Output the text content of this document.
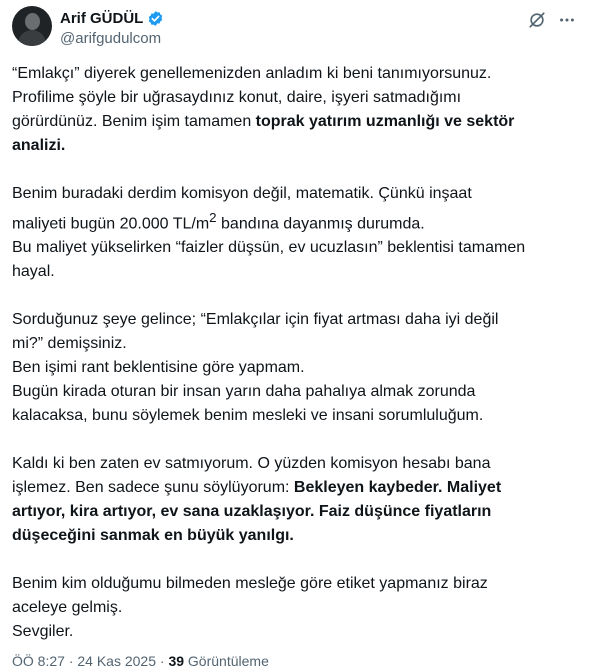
Arif GÜDÜL
@arifgudulcom

“Emlakçı” diyerek genellemenizden anladım ki beni tanımıyorsunuz.
Profilime şöyle bir uğrasaydınız konut, daire, işyeri satmadığımı
görürdünüz. Benim işim tamamen toprak yatırım uzmanlığı ve sektör
analizi.

Benim buradaki derdim komisyon değil, matematik. Çünkü inşaat
maliyeti bugün 20.000 $TL/m^2$ bandına dayanmış durumda.
Bu maliyet yükselirken “faizler düşsün, ev ucuzlasın” beklentisi tamamen
hayal.

Sorduğunuz şeye gelince; “Emlakçılar için fiyat artması daha iyi değil
mi?” demişsiniz.
Ben işimi rant beklentisine göre yapmam.
Bugün kirada oturan bir insan yarın daha pahalıya almak zorunda
kalacaksa, bunu söylemek benim mesleki ve insani sorumluluğum.

Kaldı ki ben zaten ev satmıyorum. O yüzden komisyon hesabı bana
işlemez. Ben sadece şunu söylüyorum: Bekleyen kaybeder. Maliyet
artıyor, kira artıyor, ev sana uzaklaşıyor. Faiz düşünce fiyatların
düşeceğini sanmak en büyük yanılgı.

Benim kim olduğumu bilmeden mesleğe göre etiket yapmanız biraz
aceleye gelmiş.
Sevgiler.

ÖÖ 8:27 · 24 Kas 2025 · 39 Görüntüleme
